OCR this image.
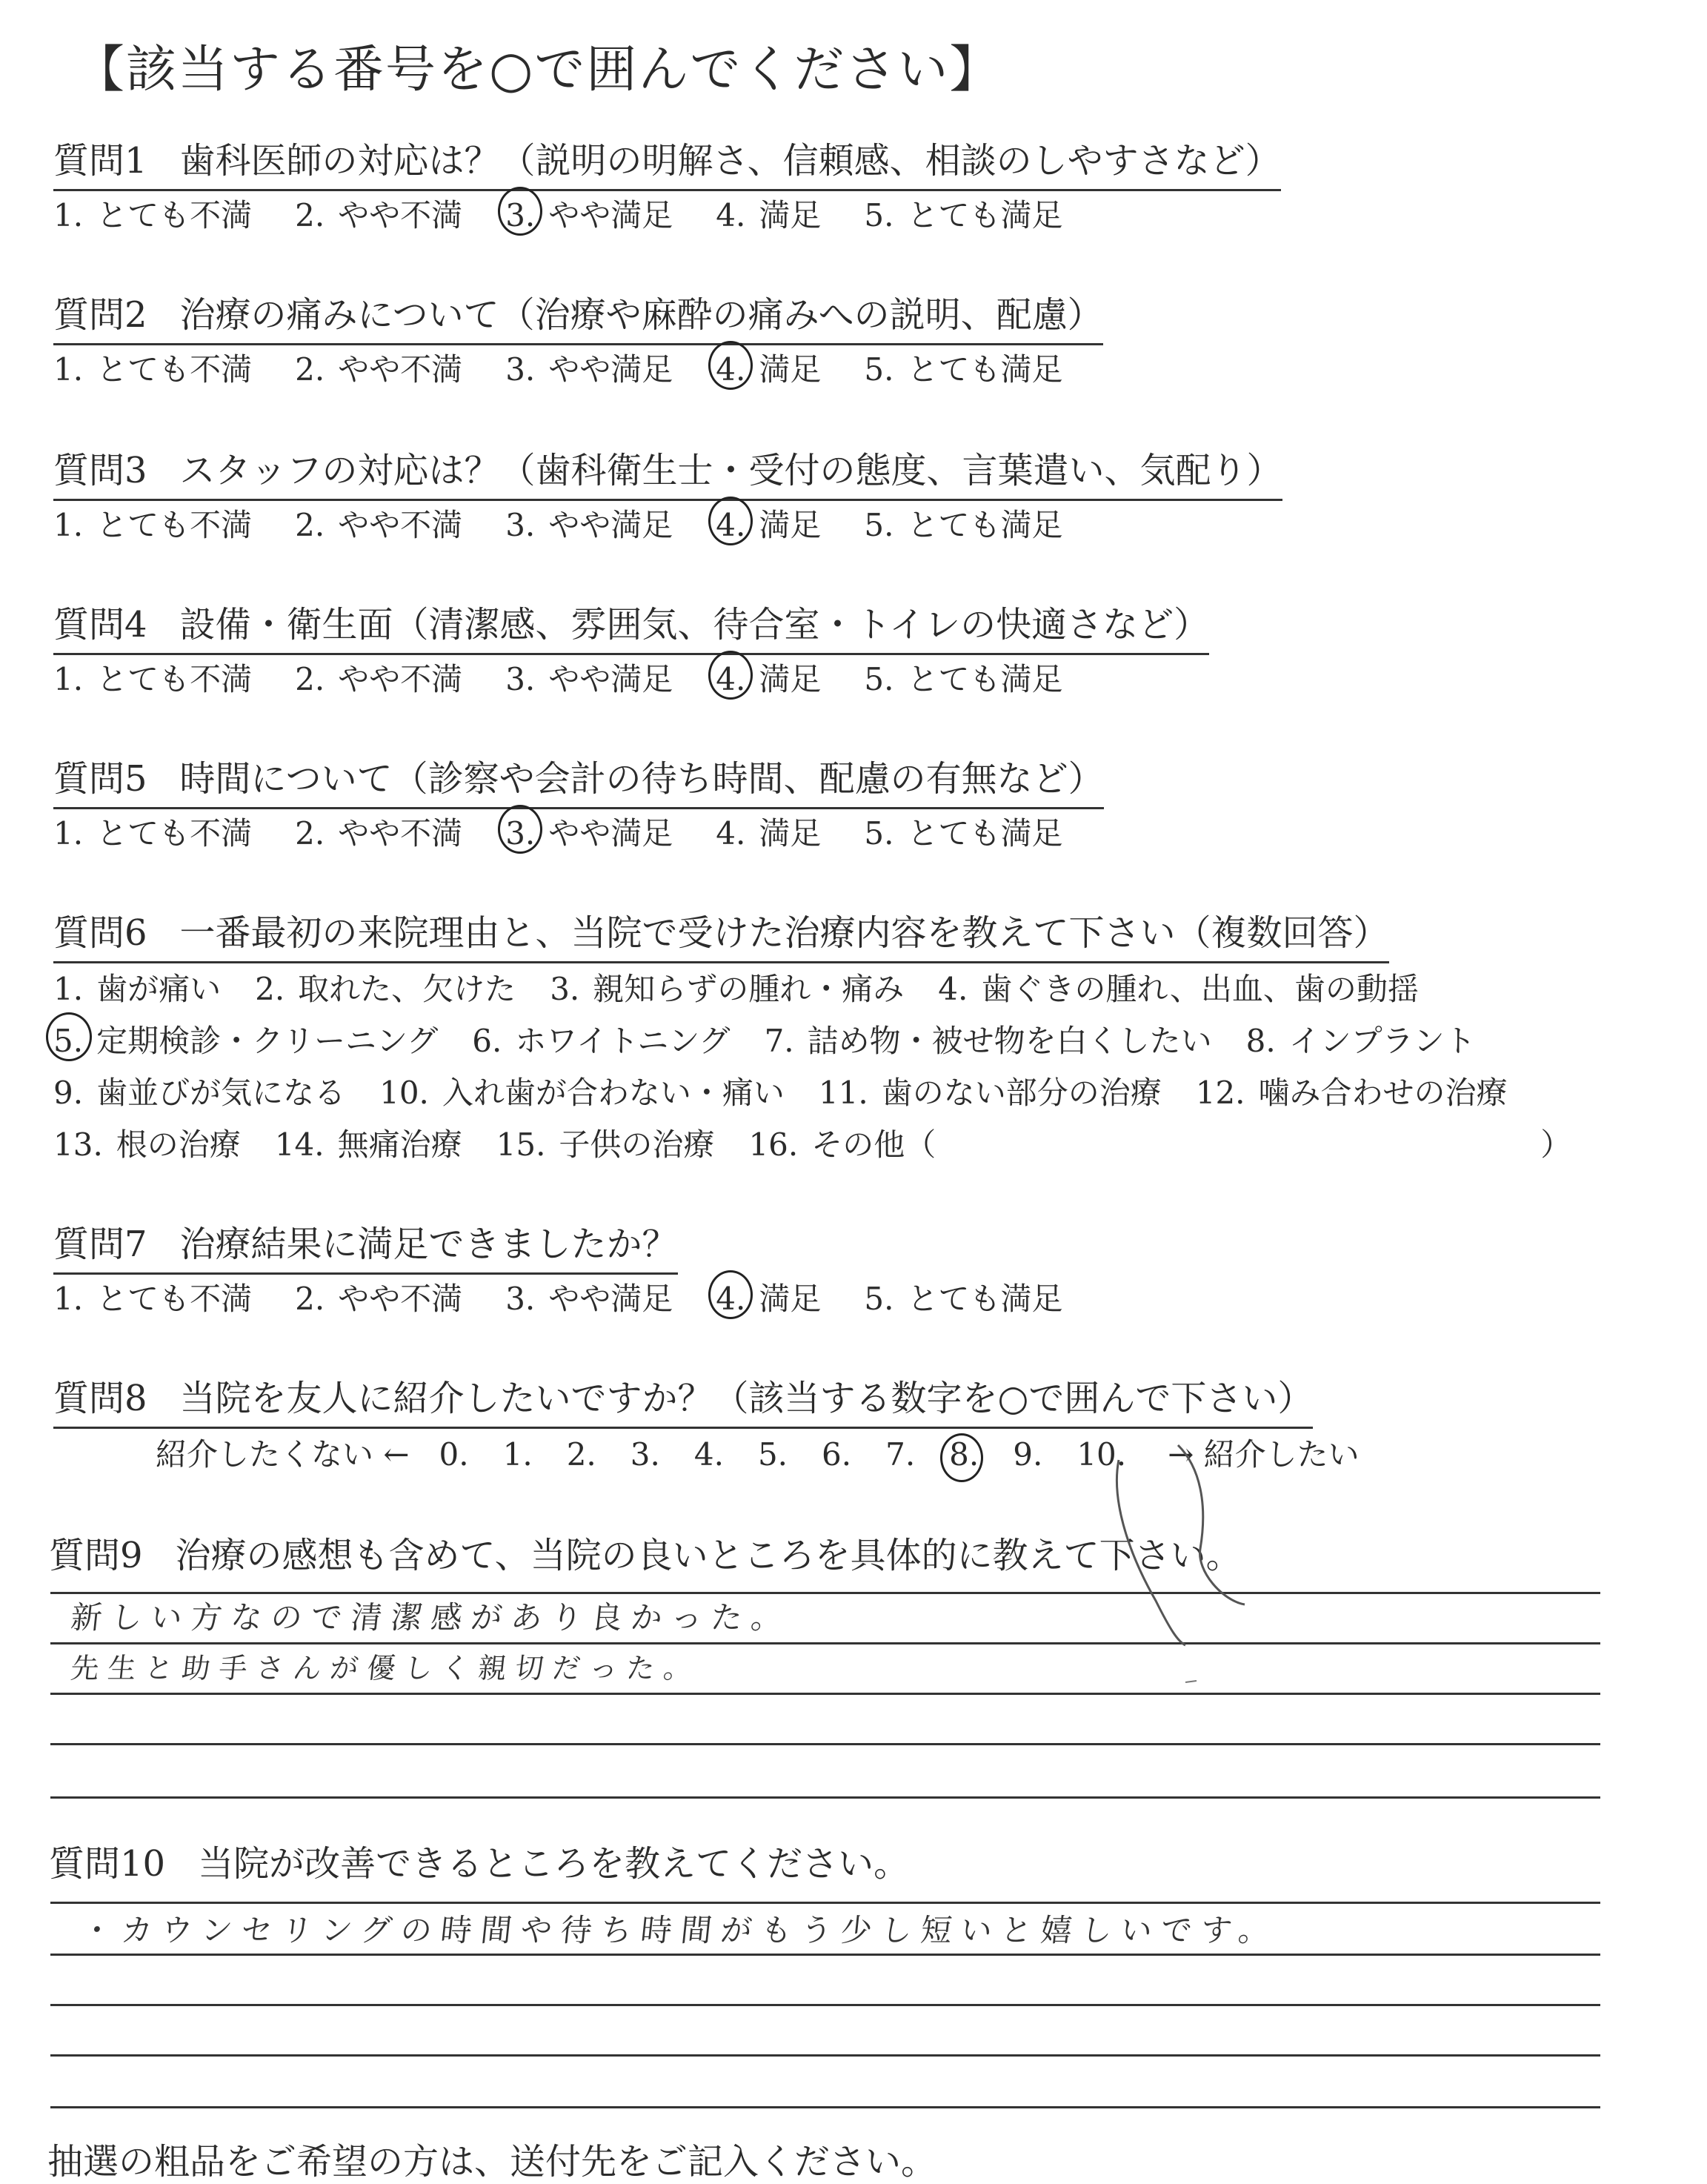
【該当する番号を○で囲んでください】
質問1 歯科医師の対応は？（説明の明解さ、信頼感、相談のしやすさなど）
1. とても不満 2. やや不満 3. やや満足 4. 満足 5. とても満足
質問2 治療の痛みについて（治療や麻酔の痛みへの説明、配慮）
1. とても不満 2. やや不満 3. やや満足 4. 満足 5. とても満足
質問3 スタッフの対応は？（歯科衛生士・受付の態度、言葉遣い、気配り）
1. とても不満 2. やや不満 3. やや満足 4. 満足 5. とても満足
質問4 設備・衛生面（清潔感、雰囲気、待合室・トイレの快適さなど）
1. とても不満 2. やや不満 3. やや満足 4. 満足 5. とても満足
質問5 時間について（診察や会計の待ち時間、配慮の有無など）
1. とても不満 2. やや不満 3. やや満足 4. 満足 5. とても満足
質問6 一番最初の来院理由と、当院で受けた治療内容を教えて下さい（複数回答）
1. 歯が痛い 2. 取れた、欠けた 3. 親知らずの腫れ・痛み 4. 歯ぐきの腫れ、出血、歯の動揺
5. 定期検診・クリーニング 6. ホワイトニング 7. 詰め物・被せ物を白くしたい 8. インプラント
9. 歯並びが気になる 10. 入れ歯が合わない・痛い 11. 歯のない部分の治療 12. 噛み合わせの治療
13. 根の治療 14. 無痛治療 15. 子供の治療 16. その他（	）
質問7 治療結果に満足できましたか？
1. とても不満 2. やや不満 3. やや満足 4. 満足 5. とても満足
質問8 当院を友人に紹介したいですか？（該当する数字を○で囲んで下さい）
紹介したくない ← 0. 1. 2. 3. 4. 5. 6. 7. 8. 9. 10. → 紹介したい
質問9 治療の感想も含めて、当院の良いところを具体的に教えて下さい。
新しい方なので清潔感があり良かった。
先生と助手さんが優しく親切だった。
質問10 当院が改善できるところを教えてください。
・カウンセリングの時間や待ち時間がもう少し短いと嬉しいです。
抽選の粗品をご希望の方は、送付先をご記入ください。
